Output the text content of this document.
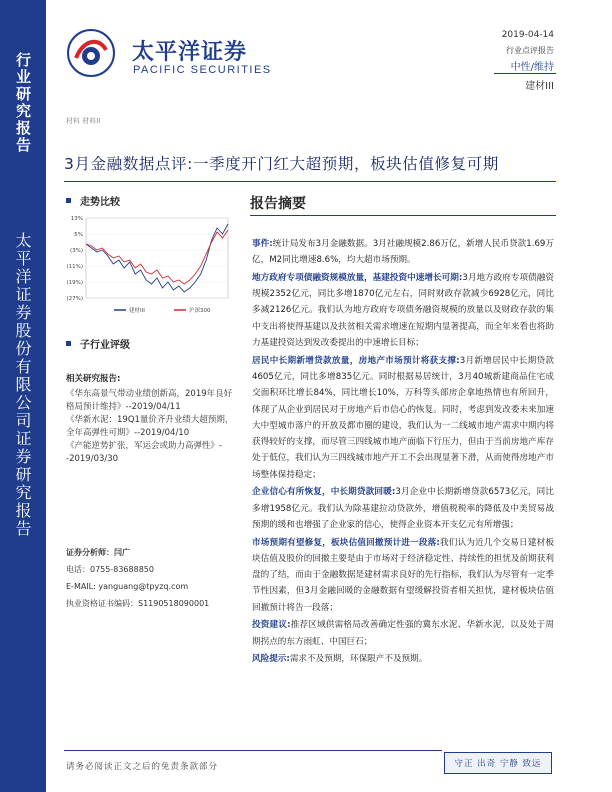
行业研究报告
太平洋证券股份有限公司证券研究报告
太平洋证券
PACIFIC SECURITIES
2019-04-14
行业点评报告
中性/维持
建材III
材料 材料II
3月金融数据点评:一季度开门红大超预期，板块估值修复可期
走势比较
13%
5%
(3%)
(11%)
(19%)
(27%)
建材III	沪深300
子行业评级
相关研究报告:
《华东高景气带动业绩创新高，2019年良好格局预计维持》--2019/04/11
《华新水泥：19Q1量价齐升业绩大超预期，全年高弹性可期》--2019/04/10
《产能逆势扩张，军运会或助力高弹性》--2019/03/30
证券分析师：闫广
电话：0755-83688850
E-MAIL: yanguang@tpyzq.com
执业资格证书编码：S1190518090001
报告摘要

事件:统计局发布3月金融数据。3月社融规模2.86万亿，新增人民币贷款1.69万亿，M2同比增速8.6%，均大超市场预期。

地方政府专项债融资规模放量，基建投资中速增长可期:3月地方政府专项债融资规模2352亿元，同比多增1870亿元左右，同时财政存款减少6928亿元，同比多减2126亿元。我们认为地方政府专项债务融资规模的放量以及财政存款的集中支出将使得基建以及扶贫相关需求增速在短期内显著提高，而全年来看也将助力基建投资达到发改委提出的中速增长目标；

居民中长期新增贷款放量，房地产市场预计将获支撑:3月新增居民中长期贷款4605亿元，同比多增835亿元。同时根据易居统计，3月40城新建商品住宅成交面积环比增长84%，同比增长10%，万科等头部房企拿地热情也有所回升，体现了从企业到居民对于房地产后市信心的恢复。同时，考虑到发改委未来加速大中型城市落户的开放及都市圈的建设，我们认为一二线城市地产需求中期内将获得较好的支撑，而尽管三四线城市地产面临下行压力，但由于当前房地产库存处于低位，我们认为三四线城市地产开工不会出现显著下滑，从而使得房地产市场整体保持稳定；

企业信心有所恢复，中长期贷款回暖:3月企业中长期新增贷款6573亿元，同比多增1958亿元。我们认为除基建拉动贷款外，增值税税率的降低及中美贸易战预期的缓和也增强了企业家的信心，使得企业资本开支亿元有所增强；

市场预期有望修复，板块估值回撤预计进一段落:我们认为近几个交易日建材板块估值及股价的回撤主要是由于市场对于经济稳定性、持续性的担忧及前期获利盘的了结，而由于金融数据是建材需求良好的先行指标，我们认为尽管有一定季节性因素，但3月金融回暖的金融数据有望缓解投资者相关担忧，建材板块估值回撤预计将告一段落；

投资建议:推荐区域供需格局改善确定性强的冀东水泥、华新水泥，以及处于周期拐点的东方雨虹、中国巨石；

风险提示:需求不及预期，环保限产不及预期。

请务必阅读正文之后的免责条款部分	守正 出奇 宁静 致远
